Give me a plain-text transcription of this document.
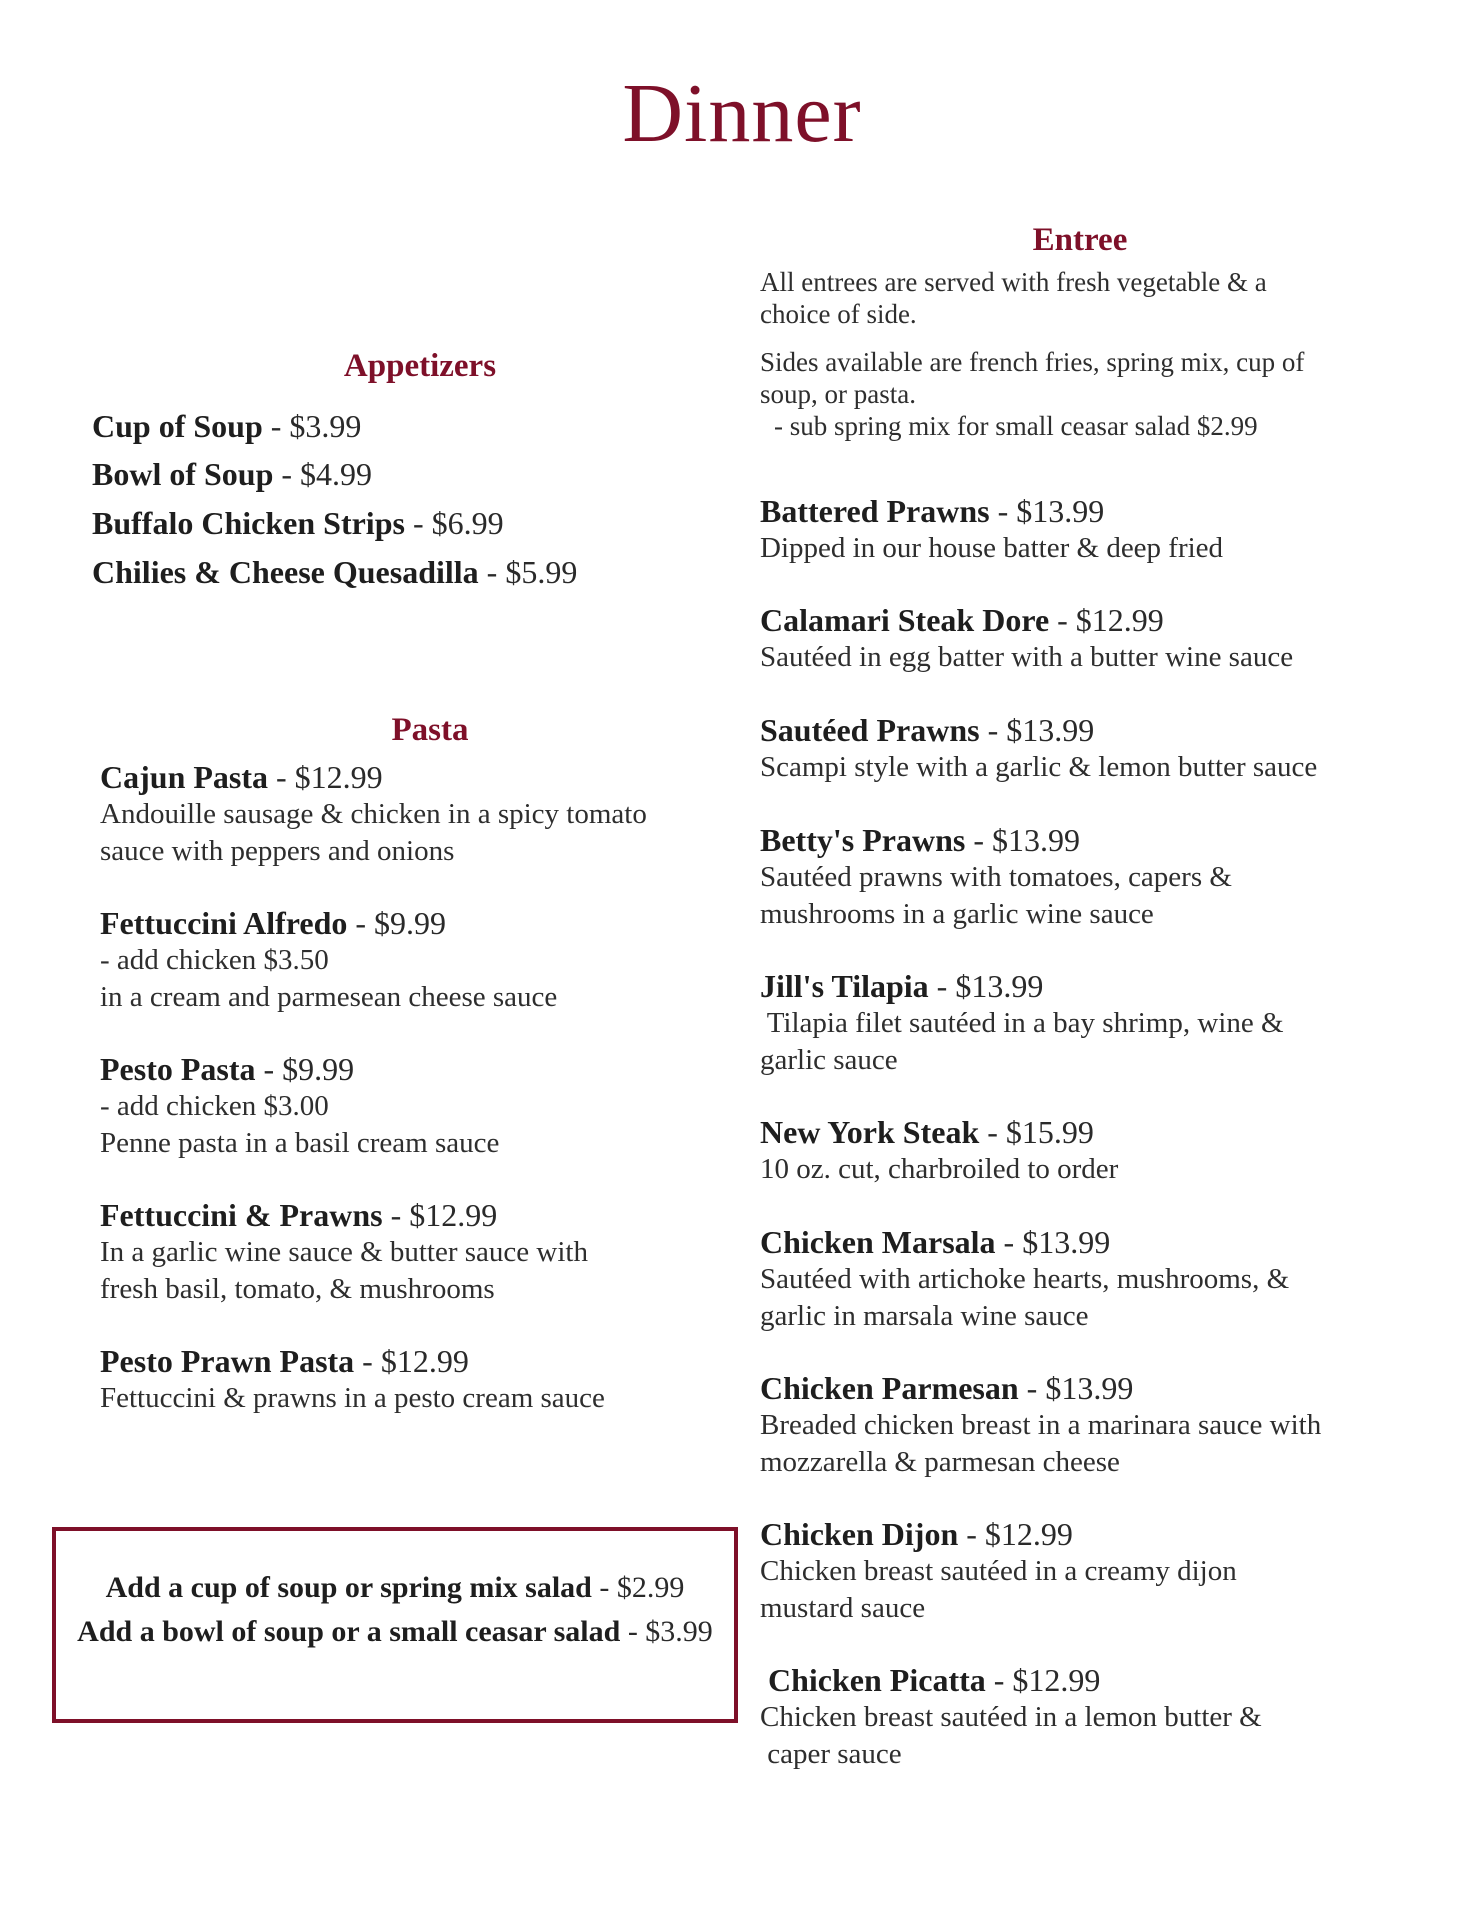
Dinner
Appetizers
Cup of Soup - $3.99
Bowl of Soup - $4.99
Buffalo Chicken Strips - $6.99
Chilies & Cheese Quesadilla - $5.99
Pasta
Cajun Pasta - $12.99
Andouille sausage & chicken in a spicy tomato
sauce with peppers and onions
Fettuccini Alfredo - $9.99
- add chicken $3.50
in a cream and parmesean cheese sauce
Pesto Pasta - $9.99
- add chicken $3.00
Penne pasta in a basil cream sauce
Fettuccini & Prawns - $12.99
In a garlic wine sauce & butter sauce with
fresh basil, tomato, & mushrooms
Pesto Prawn Pasta - $12.99
Fettuccini & prawns in a pesto cream sauce
Add a cup of soup or spring mix salad - $2.99
Add a bowl of soup or a small ceasar salad - $3.99
Entree
All entrees are served with fresh vegetable & a
choice of side.
Sides available are french fries, spring mix, cup of
soup, or pasta.
- sub spring mix for small ceasar salad $2.99
Battered Prawns - $13.99
Dipped in our house batter & deep fried
Calamari Steak Dore - $12.99
Sautéed in egg batter with a butter wine sauce
Sautéed Prawns - $13.99
Scampi style with a garlic & lemon butter sauce
Betty's Prawns - $13.99
Sautéed prawns with tomatoes, capers &
mushrooms in a garlic wine sauce
Jill's Tilapia - $13.99
Tilapia filet sautéed in a bay shrimp, wine &
garlic sauce
New York Steak - $15.99
10 oz. cut, charbroiled to order
Chicken Marsala - $13.99
Sautéed with artichoke hearts, mushrooms, &
garlic in marsala wine sauce
Chicken Parmesan - $13.99
Breaded chicken breast in a marinara sauce with
mozzarella & parmesan cheese
Chicken Dijon - $12.99
Chicken breast sautéed in a creamy dijon
mustard sauce
Chicken Picatta - $12.99
Chicken breast sautéed in a lemon butter &
caper sauce
